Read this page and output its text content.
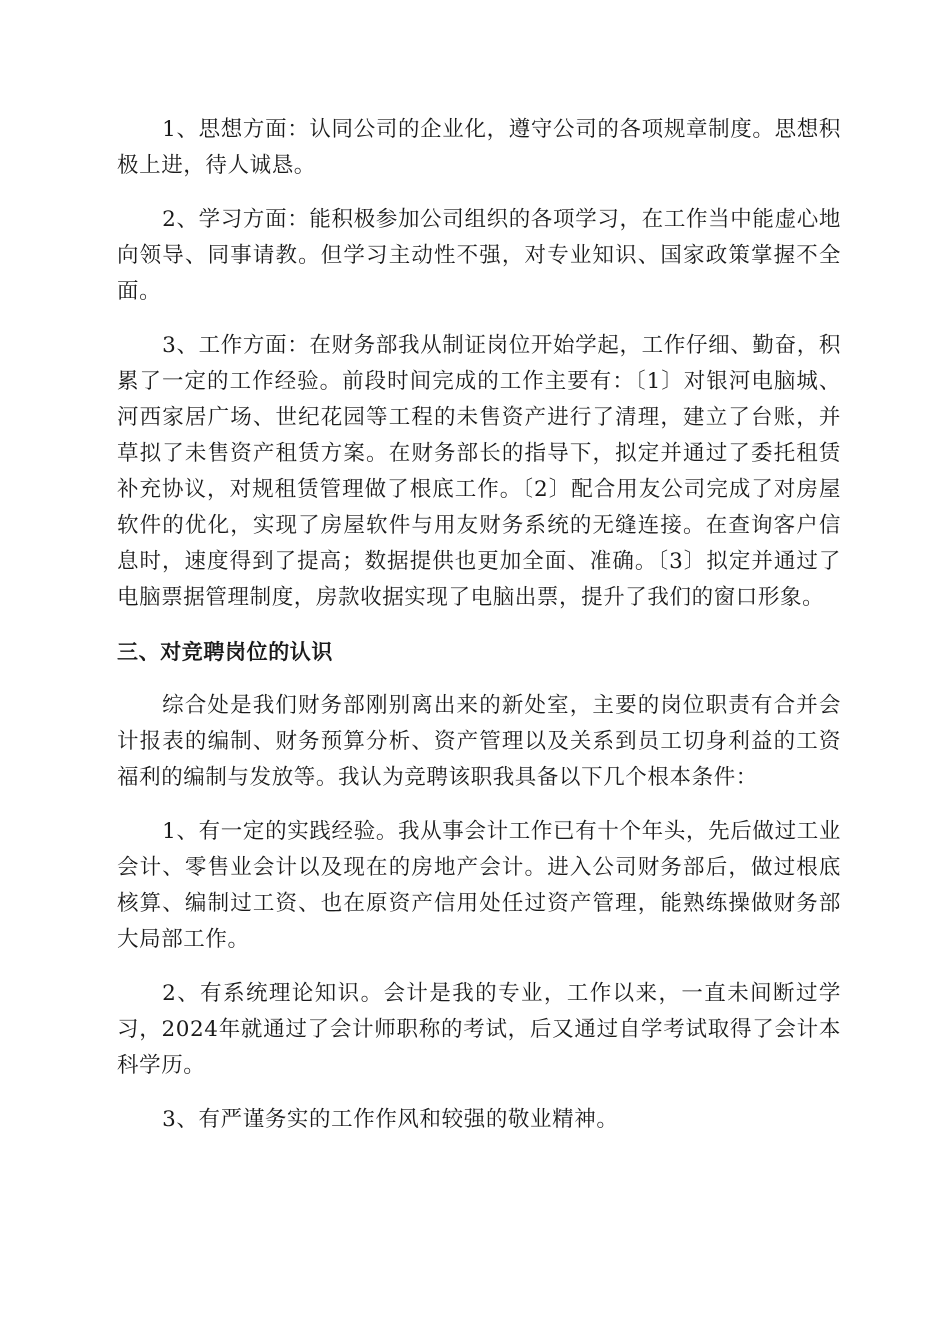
1、思想方面：认同公司的企业化，遵守公司的各项规章制度。思想积极上进，待人诚恳。

2、学习方面：能积极参加公司组织的各项学习，在工作当中能虚心地向领导、同事请教。但学习主动性不强，对专业知识、国家政策掌握不全面。

3、工作方面：在财务部我从制证岗位开始学起，工作仔细、勤奋，积累了一定的工作经验。前段时间完成的工作主要有：〔1〕对银河电脑城、河西家居广场、世纪花园等工程的未售资产进行了清理，建立了台账，并草拟了未售资产租赁方案。在财务部长的指导下，拟定并通过了委托租赁补充协议，对规租赁管理做了根底工作。〔2〕配合用友公司完成了对房屋软件的优化，实现了房屋软件与用友财务系统的无缝连接。在查询客户信息时，速度得到了提高；数据提供也更加全面、准确。〔3〕拟定并通过了电脑票据管理制度，房款收据实现了电脑出票，提升了我们的窗口形象。

三、对竞聘岗位的认识

综合处是我们财务部刚别离出来的新处室，主要的岗位职责有合并会计报表的编制、财务预算分析、资产管理以及关系到员工切身利益的工资福利的编制与发放等。我认为竞聘该职我具备以下几个根本条件：

1、有一定的实践经验。我从事会计工作已有十个年头，先后做过工业会计、零售业会计以及现在的房地产会计。进入公司财务部后，做过根底核算、编制过工资、也在原资产信用处任过资产管理，能熟练操做财务部大局部工作。

2、有系统理论知识。会计是我的专业，工作以来，一直未间断过学习，2024年就通过了会计师职称的考试，后又通过自学考试取得了会计本科学历。

3、有严谨务实的工作作风和较强的敬业精神。
